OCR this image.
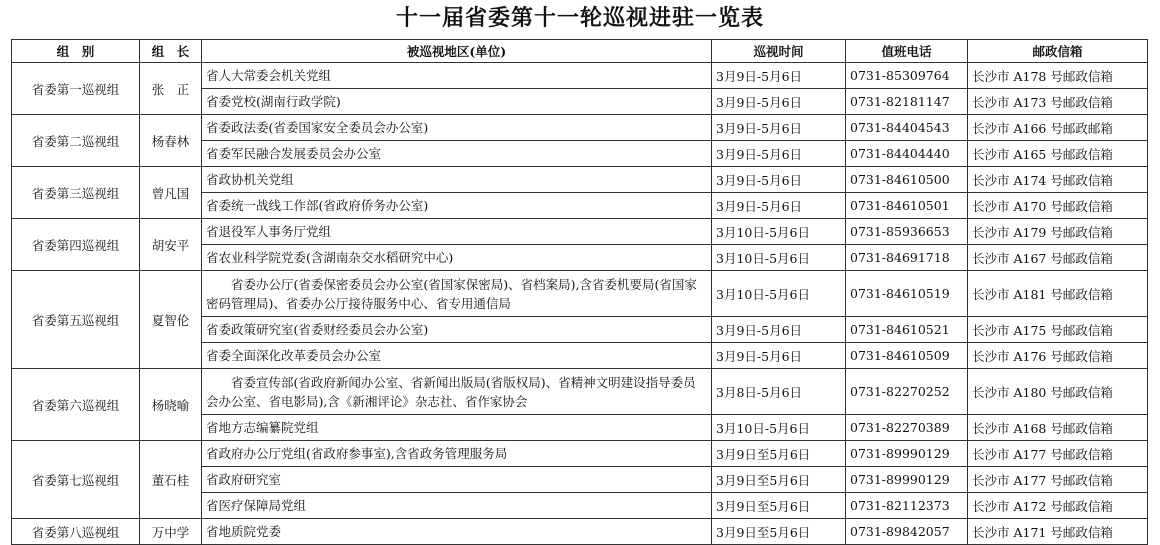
十一届省委第十一轮巡视进驻一览表
组　别	组　长	被巡视地区(单位)	巡视时间	值班电话	邮政信箱
省委第一巡视组	张　正	省人大常委会机关党组	3月9日-5月6日	0731-85309764	长沙市 A178 号邮政信箱
		省委党校(湖南行政学院)	3月9日-5月6日	0731-82181147	长沙市 A173 号邮政信箱
省委第二巡视组	杨春林	省委政法委(省委国家安全委员会办公室)	3月9日-5月6日	0731-84404543	长沙市 A166 号邮政邮箱
		省委军民融合发展委员会办公室	3月9日-5月6日	0731-84404440	长沙市 A165 号邮政信箱
省委第三巡视组	曾凡国	省政协机关党组	3月9日-5月6日	0731-84610500	长沙市 A174 号邮政信箱
		省委统一战线工作部(省政府侨务办公室)	3月9日-5月6日	0731-84610501	长沙市 A170 号邮政信箱
省委第四巡视组	胡安平	省退役军人事务厅党组	3月10日-5月6日	0731-85936653	长沙市 A179 号邮政信箱
		省农业科学院党委(含湖南杂交水稻研究中心)	3月10日-5月6日	0731-84691718	长沙市 A167 号邮政信箱
省委第五巡视组	夏智伦	省委办公厅(省委保密委员会办公室(省国家保密局)、省档案局),含省委机要局(省国家密码管理局)、省委办公厅接待服务中心、省专用通信局	3月10日-5月6日	0731-84610519	长沙市 A181 号邮政信箱
		省委政策研究室(省委财经委员会办公室)	3月9日-5月6日	0731-84610521	长沙市 A175 号邮政信箱
		省委全面深化改革委员会办公室	3月9日-5月6日	0731-84610509	长沙市 A176 号邮政信箱
省委第六巡视组	杨晓喻	省委宣传部(省政府新闻办公室、省新闻出版局(省版权局)、省精神文明建设指导委员会办公室、省电影局),含《新湘评论》杂志社、省作家协会	3月8日-5月6日	0731-82270252	长沙市 A180 号邮政信箱
		省地方志编纂院党组	3月10日-5月6日	0731-82270389	长沙市 A168 号邮政信箱
省委第七巡视组	董石桂	省政府办公厅党组(省政府参事室),含省政务管理服务局	3月9日至5月6日	0731-89990129	长沙市 A177 号邮政信箱
		省政府研究室	3月9日至5月6日	0731-89990129	长沙市 A177 号邮政信箱
		省医疗保障局党组	3月9日至5月6日	0731-82112373	长沙市 A172 号邮政信箱
省委第八巡视组	万中学	省地质院党委	3月9日至5月6日	0731-89842057	长沙市 A171 号邮政信箱
